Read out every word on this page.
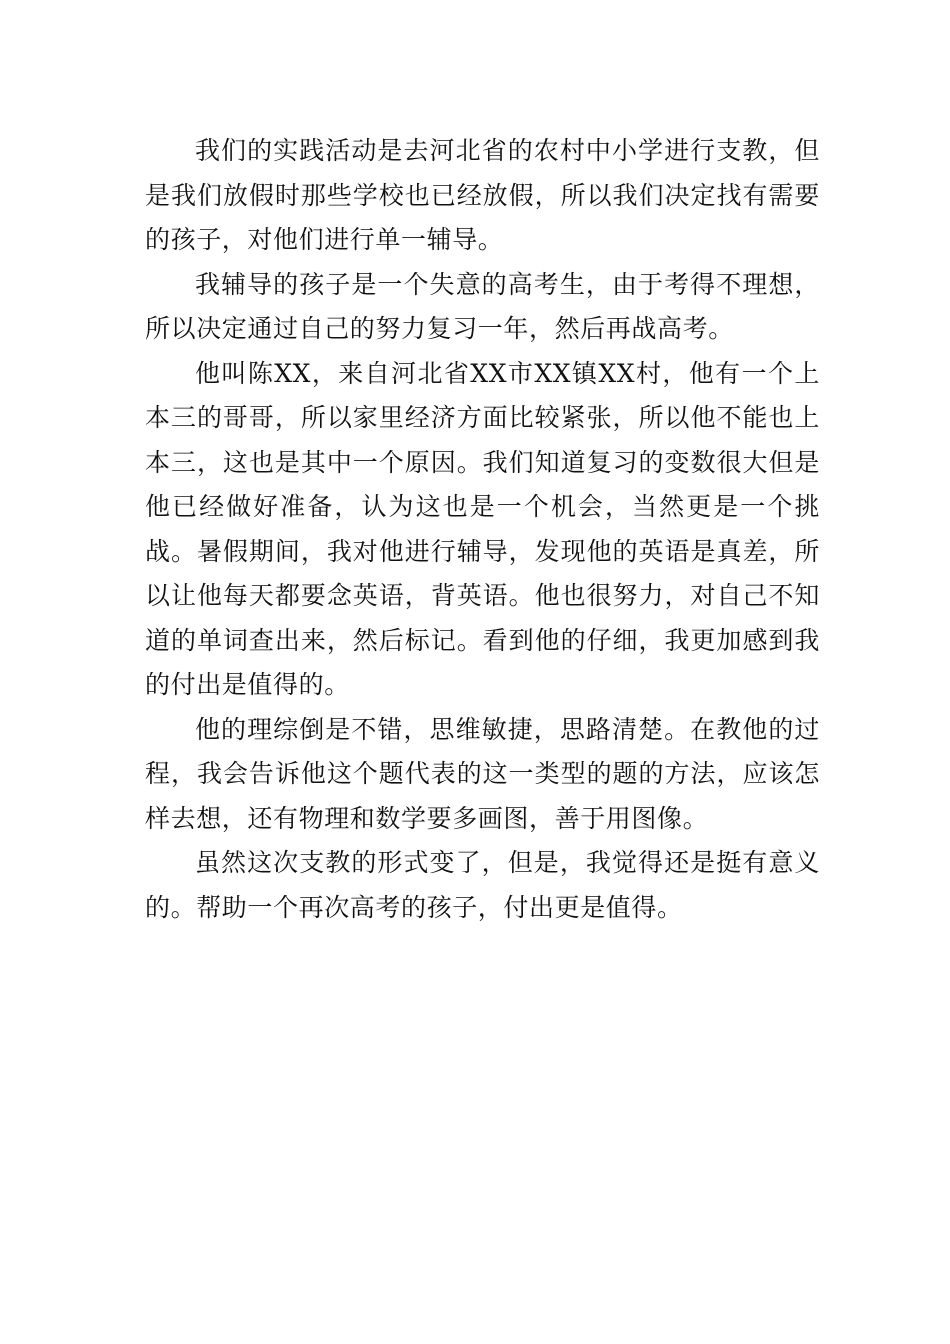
我们的实践活动是去河北省的农村中小学进行支教，但是我们放假时那些学校也已经放假，所以我们决定找有需要的孩子，对他们进行单一辅导。

我辅导的孩子是一个失意的高考生，由于考得不理想，所以决定通过自己的努力复习一年，然后再战高考。

他叫陈XX，来自河北省XX市XX镇XX村，他有一个上本三的哥哥，所以家里经济方面比较紧张，所以他不能也上本三，这也是其中一个原因。我们知道复习的变数很大但是他已经做好准备，认为这也是一个机会，当然更是一个挑战。暑假期间，我对他进行辅导，发现他的英语是真差，所以让他每天都要念英语，背英语。他也很努力，对自己不知道的单词查出来，然后标记。看到他的仔细，我更加感到我的付出是值得的。

他的理综倒是不错，思维敏捷，思路清楚。在教他的过程，我会告诉他这个题代表的这一类型的题的方法，应该怎样去想，还有物理和数学要多画图，善于用图像。

虽然这次支教的形式变了，但是，我觉得还是挺有意义的。帮助一个再次高考的孩子，付出更是值得。
